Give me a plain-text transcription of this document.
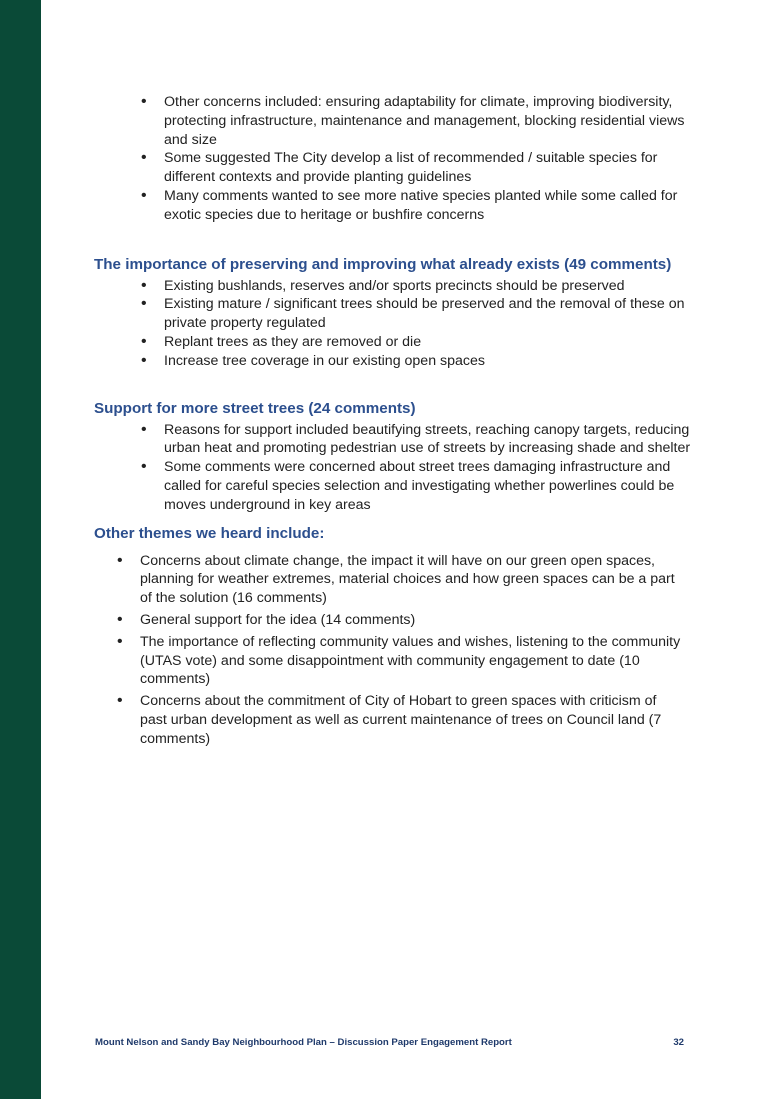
• Other concerns included: ensuring adaptability for climate, improving biodiversity, protecting infrastructure, maintenance and management, blocking residential views and size
• Some suggested The City develop a list of recommended / suitable species for different contexts and provide planting guidelines
• Many comments wanted to see more native species planted while some called for exotic species due to heritage or bushfire concerns
The importance of preserving and improving what already exists (49 comments)
• Existing bushlands, reserves and/or sports precincts should be preserved
• Existing mature / significant trees should be preserved and the removal of these on private property regulated
• Replant trees as they are removed or die
• Increase tree coverage in our existing open spaces
Support for more street trees (24 comments)
• Reasons for support included beautifying streets, reaching canopy targets, reducing urban heat and promoting pedestrian use of streets by increasing shade and shelter
• Some comments were concerned about street trees damaging infrastructure and called for careful species selection and investigating whether powerlines could be moves underground in key areas
Other themes we heard include:
• Concerns about climate change, the impact it will have on our green open spaces, planning for weather extremes, material choices and how green spaces can be a part of the solution (16 comments)
• General support for the idea (14 comments)
• The importance of reflecting community values and wishes, listening to the community (UTAS vote) and some disappointment with community engagement to date (10 comments)
• Concerns about the commitment of City of Hobart to green spaces with criticism of past urban development as well as current maintenance of trees on Council land (7 comments)
Mount Nelson and Sandy Bay Neighbourhood Plan – Discussion Paper Engagement Report	32
